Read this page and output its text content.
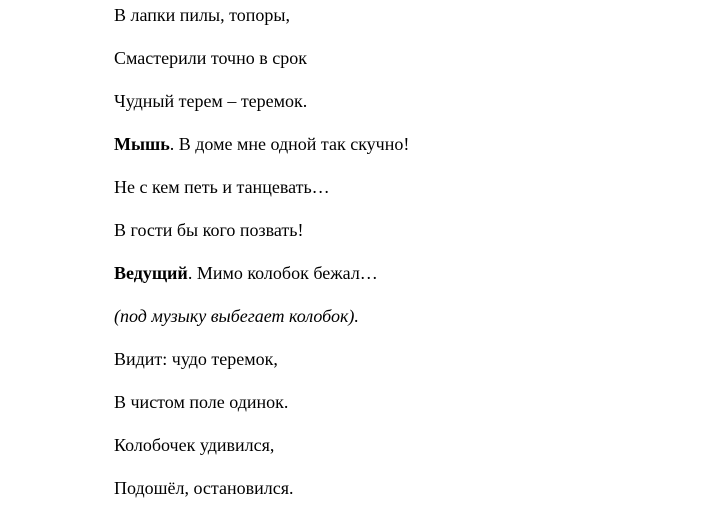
В лапки пилы, топоры,
Смастерили точно в срок
Чудный терем – теремок.
Мышь. В доме мне одной так скучно!
Не с кем петь и танцевать…
В гости бы кого позвать!
Ведущий. Мимо колобок бежал…
(под музыку выбегает колобок).
Видит: чудо теремок,
В чистом поле одинок.
Колобочек удивился,
Подошёл, остановился.
